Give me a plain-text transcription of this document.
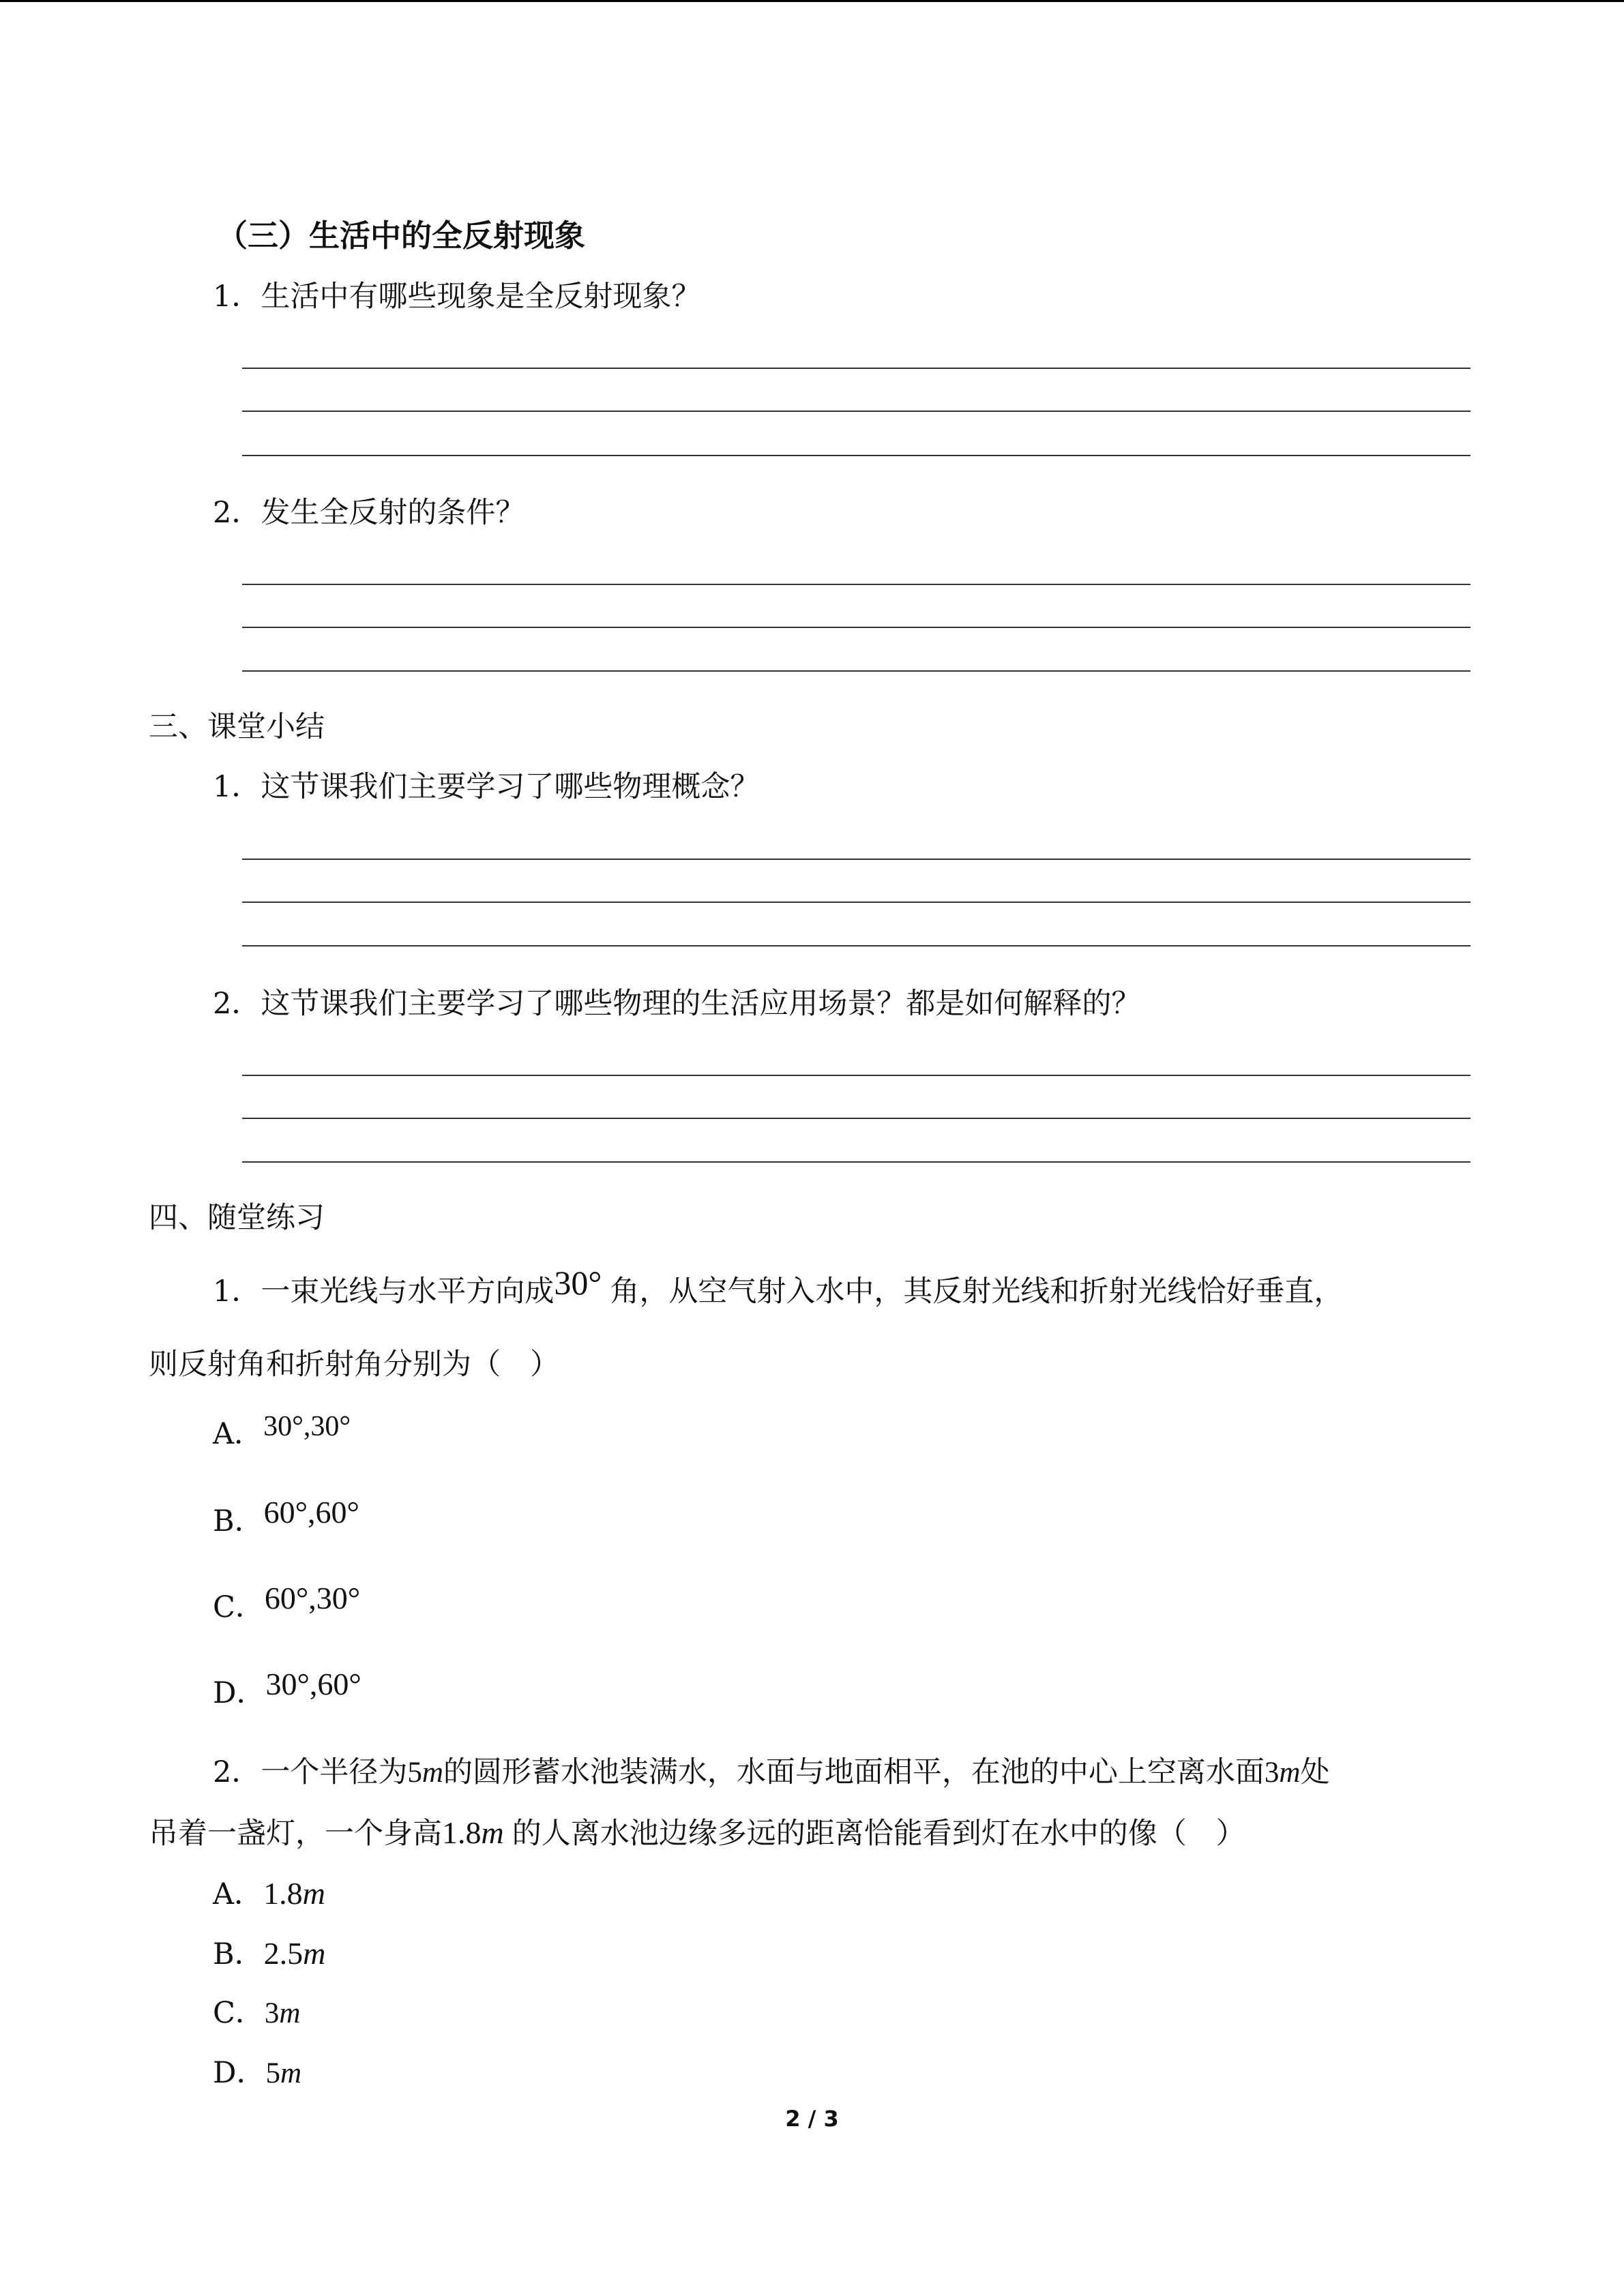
（三）生活中的全反射现象
1．生活中有哪些现象是全反射现象？
2．发生全反射的条件？
三、课堂小结
1．这节课我们主要学习了哪些物理概念？
2．这节课我们主要学习了哪些物理的生活应用场景？都是如何解释的？
四、随堂练习
1．一束光线与水平方向成30° 角，从空气射入水中，其反射光线和折射光线恰好垂直，
则反射角和折射角分别为（　）
A．30°,30°
B．60°,60°
C．60°,30°
D．30°,60°
2．一个半径为5m的圆形蓄水池装满水，水面与地面相平，在池的中心上空离水面3m处
吊着一盏灯，一个身高1.8m 的人离水池边缘多远的距离恰能看到灯在水中的像（　）
A．1.8m
B．2.5m
C．3m
D．5m
2 / 3
